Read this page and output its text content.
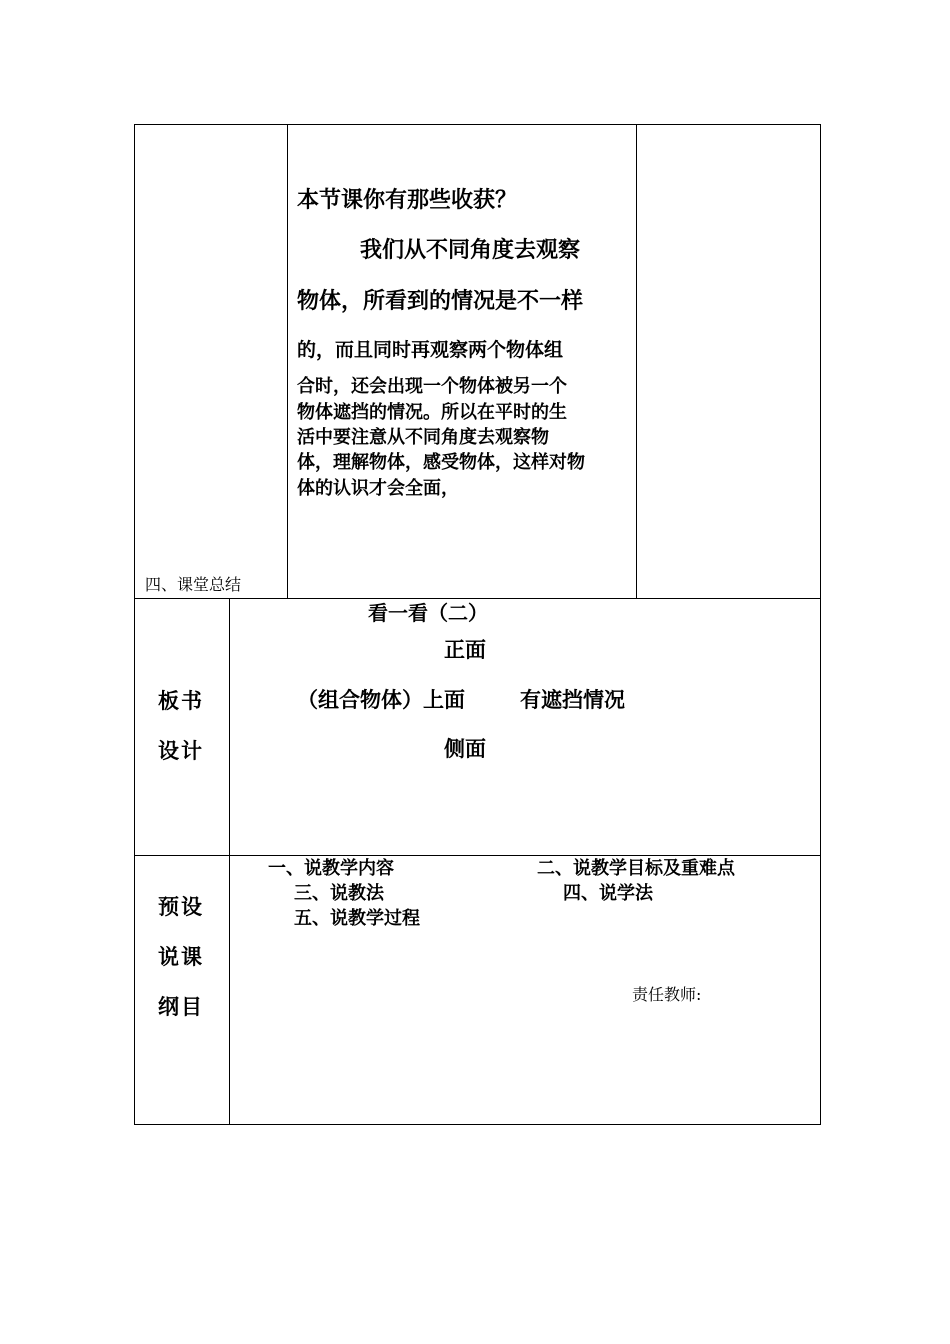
四、课堂总结
本节课你有那些收获？
我们从不同角度去观察
物体，所看到的情况是不一样
的，而且同时再观察两个物体组
合时，还会出现一个物体被另一个
物体遮挡的情况。所以在平时的生
活中要注意从不同角度去观察物
体，理解物体，感受物体，这样对物
体的认识才会全面，
板书
设计
看一看（二）
正面
（组合物体）上面	有遮挡情况
侧面
预设
说课
纲目
一、说教学内容	二、说教学目标及重难点
三、说教法	四、说学法
五、说教学过程
责任教师:
